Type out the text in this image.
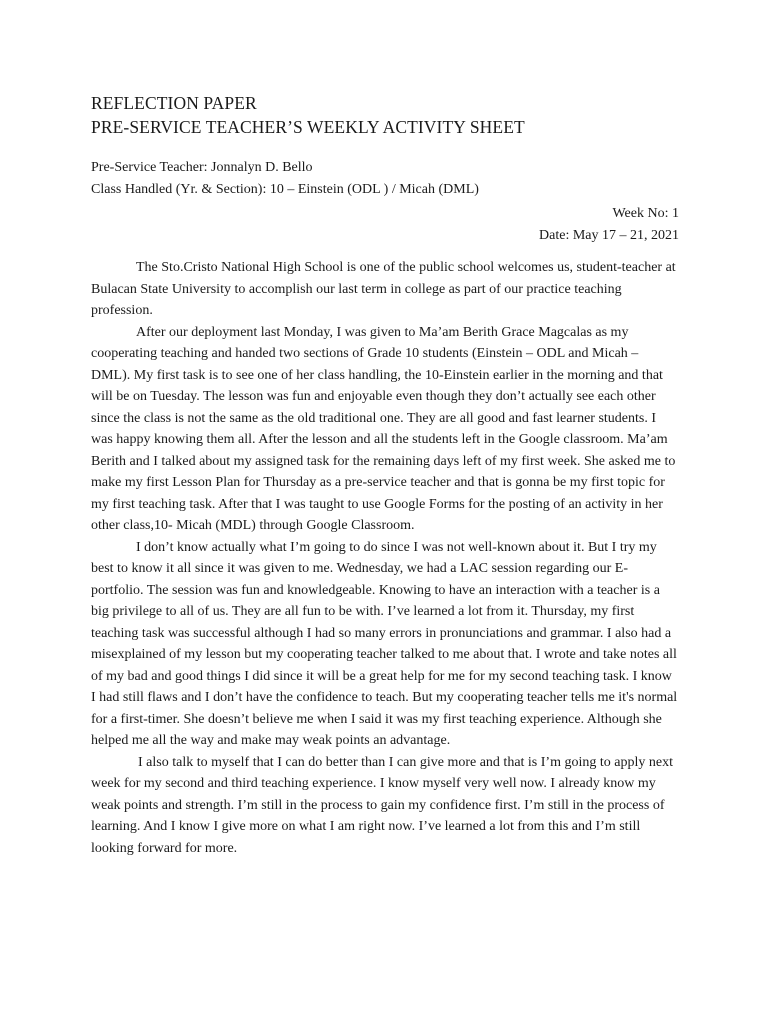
REFLECTION PAPER
PRE-SERVICE TEACHER’S WEEKLY ACTIVITY SHEET
Pre-Service Teacher: Jonnalyn D. Bello
Class Handled (Yr. & Section): 10 – Einstein (ODL ) / Micah (DML)
Week No: 1
Date: May 17 – 21, 2021

The Sto.Cristo National High School is one of the public school welcomes us, student-teacher at Bulacan State University to accomplish our last term in college as part of our practice teaching profession.

After our deployment last Monday, I was given to Ma’am Berith Grace Magcalas as my cooperating teaching and handed two sections of Grade 10 students (Einstein – ODL and Micah – DML). My first task is to see one of her class handling, the 10-Einstein earlier in the morning and that will be on Tuesday. The lesson was fun and enjoyable even though they don’t actually see each other since the class is not the same as the old traditional one. They are all good and fast learner students. I was happy knowing them all. After the lesson and all the students left in the Google classroom. Ma’am Berith and I talked about my assigned task for the remaining days left of my first week. She asked me to make my first Lesson Plan for Thursday as a pre-service teacher and that is gonna be my first topic for my first teaching task. After that I was taught to use Google Forms for the posting of an activity in her other class,10- Micah (MDL) through Google Classroom.

I don’t know actually what I’m going to do since I was not well-known about it. But I try my best to know it all since it was given to me. Wednesday, we had a LAC session regarding our E-portfolio. The session was fun and knowledgeable. Knowing to have an interaction with a teacher is a big privilege to all of us. They are all fun to be with. I’ve learned a lot from it. Thursday, my first teaching task was successful although I had so many errors in pronunciations and grammar. I also had a misexplained of my lesson but my cooperating teacher talked to me about that. I wrote and take notes all of my bad and good things I did since it will be a great help for me for my second teaching task. I know I had still flaws and I don’t have the confidence to teach. But my cooperating teacher tells me it's normal for a first-timer. She doesn’t believe me when I said it was my first teaching experience. Although she helped me all the way and make may weak points an advantage.

I also talk to myself that I can do better than I can give more and that is I’m going to apply next week for my second and third teaching experience. I know myself very well now. I already know my weak points and strength. I’m still in the process to gain my confidence first. I’m still in the process of learning. And I know I give more on what I am right now. I’ve learned a lot from this and I’m still looking forward for more.
